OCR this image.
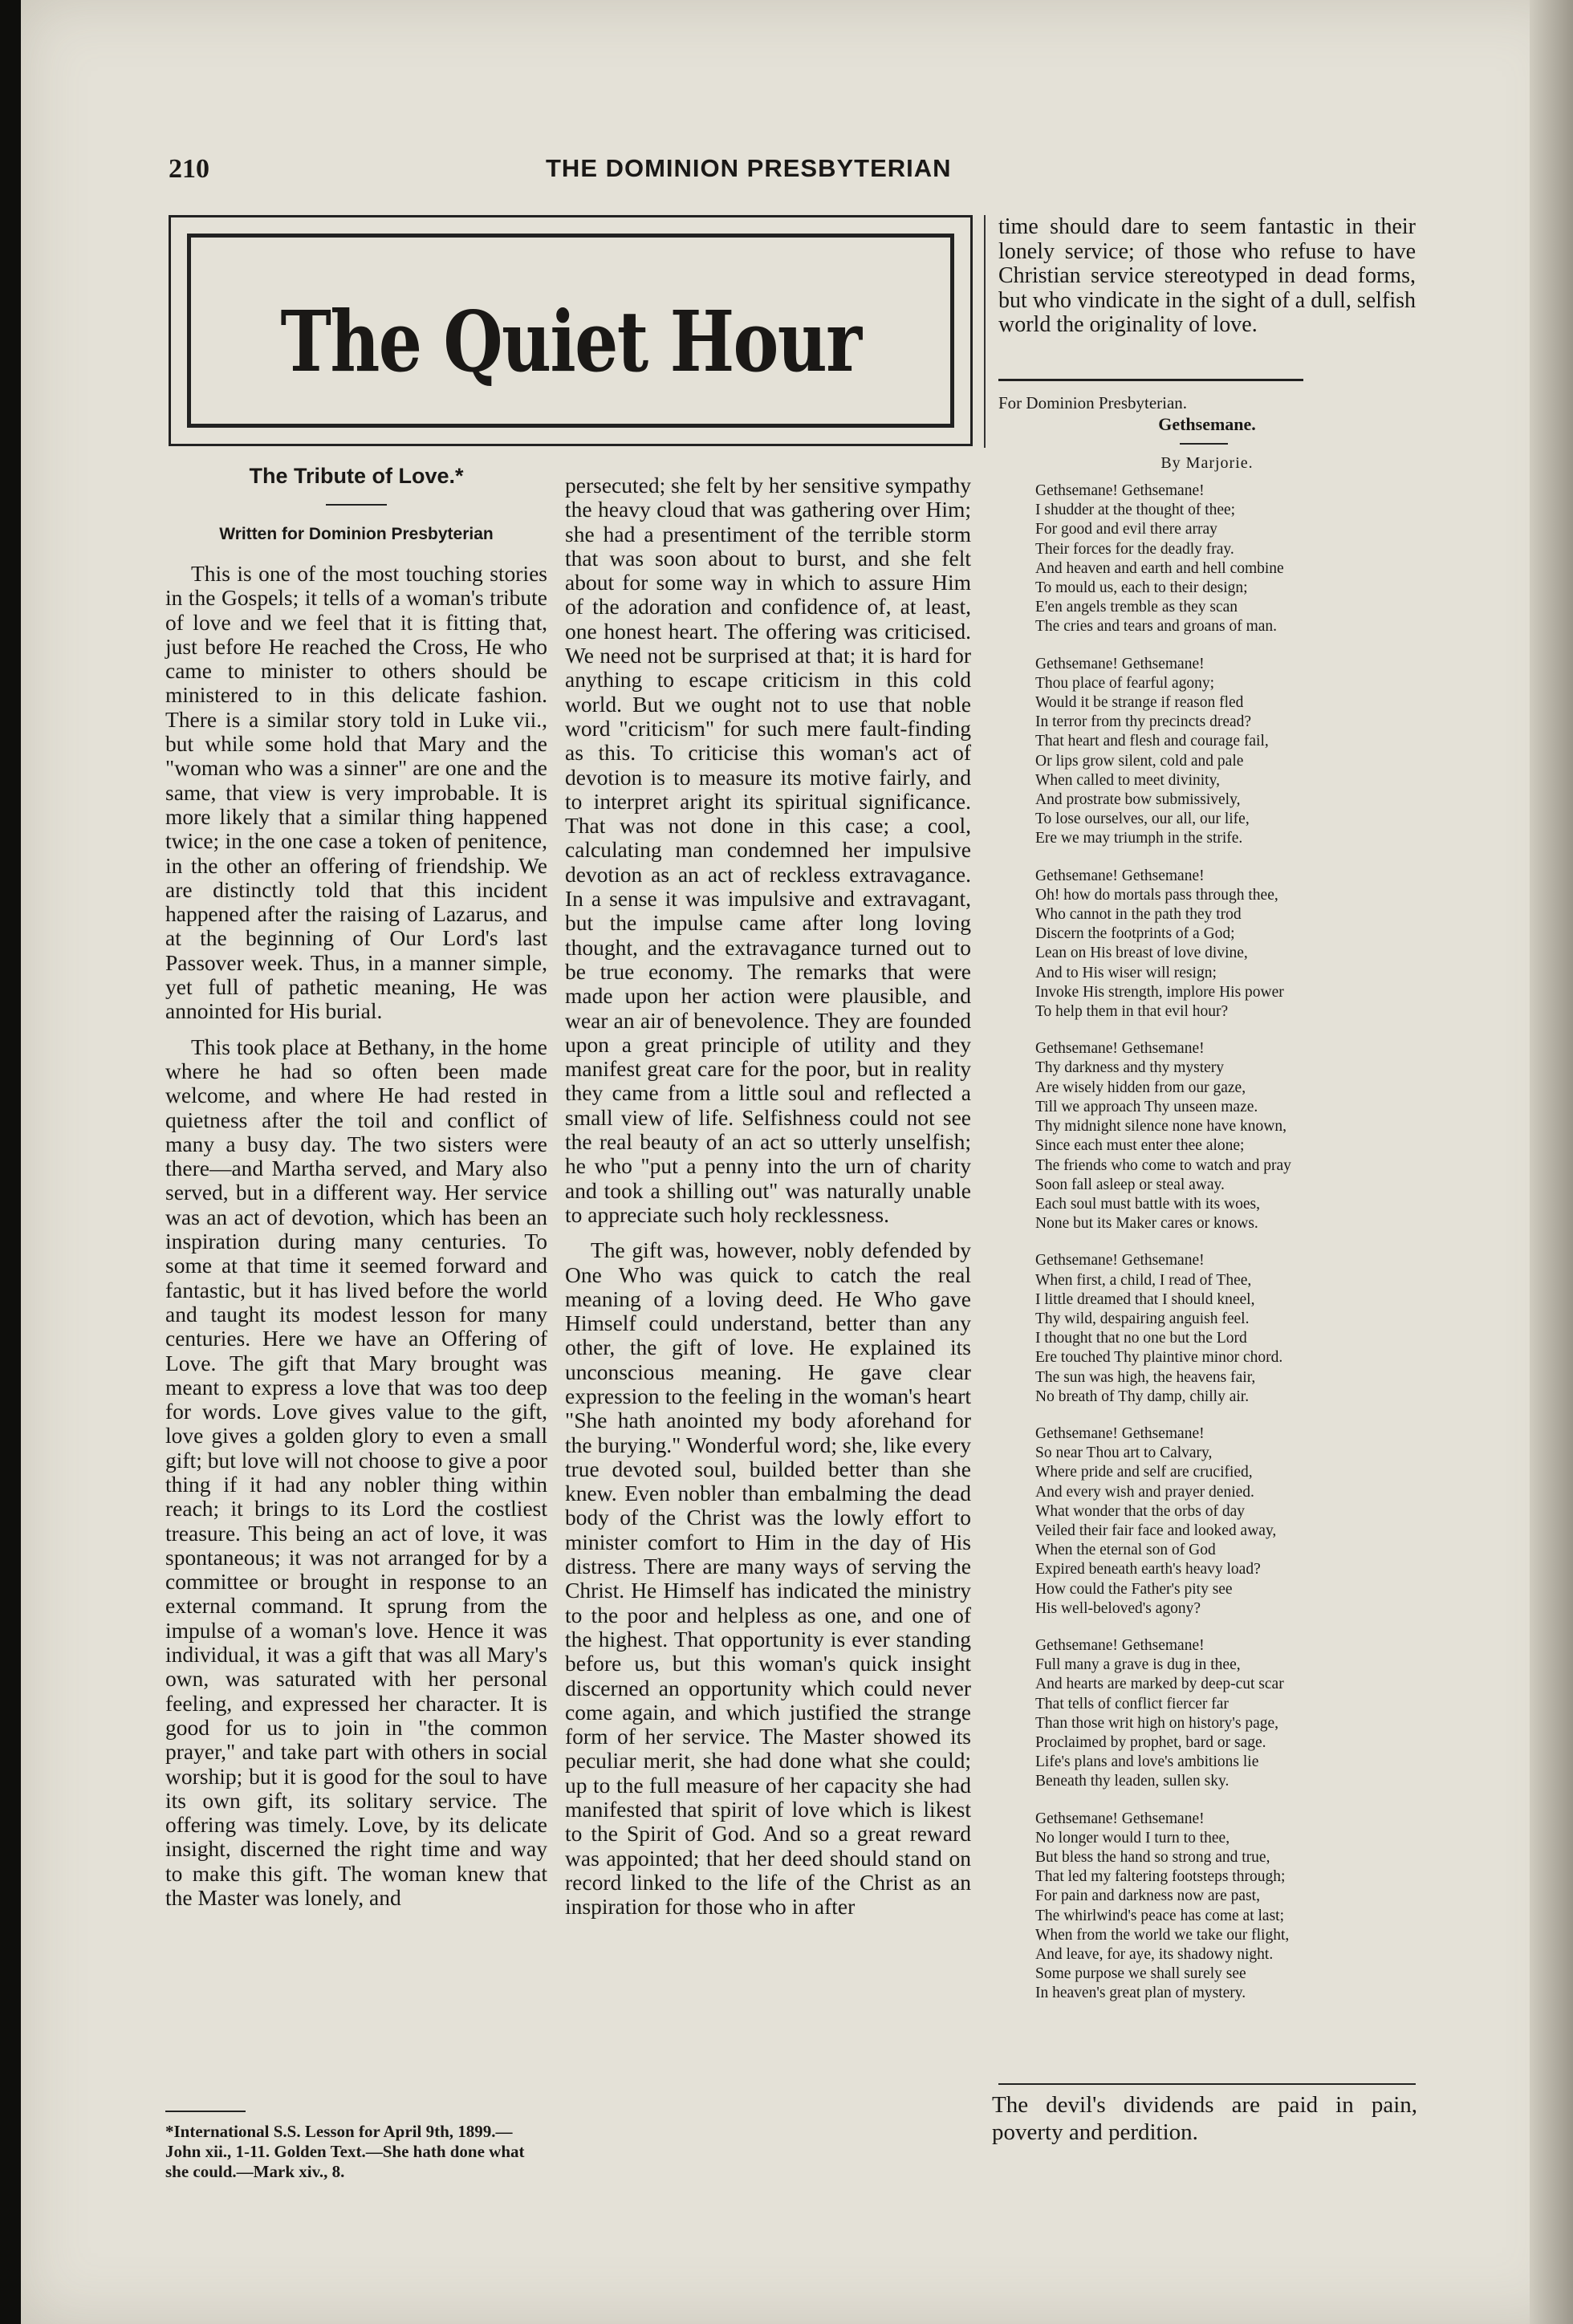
210	THE DOMINION PRESBYTERIAN
The Quiet Hour
The Tribute of Love.*
Written for Dominion Presbyterian

This is one of the most touching stories in the Gospels; it tells of a woman's tribute of love and we feel that it is fitting that, just before He reached the Cross, He who came to minister to others should be ministered to in this delicate fashion. There is a similar story told in Luke vii., but while some hold that Mary and the "woman who was a sinner" are one and the same, that view is very improbable. It is more likely that a similar thing happened twice; in the one case a token of penitence, in the other an offering of friendship. We are distinctly told that this incident happened after the raising of Lazarus, and at the beginning of Our Lord's last Passover week. Thus, in a manner simple, yet full of pathetic meaning, He was annointed for His burial.

This took place at Bethany, in the home where he had so often been made welcome, and where He had rested in quietness after the toil and conflict of many a busy day. The two sisters were there—and Martha served, and Mary also served, but in a different way. Her service was an act of devotion, which has been an inspiration during many centuries. To some at that time it seemed forward and fantastic, but it has lived before the world and taught its modest lesson for many centuries. Here we have an Offering of Love. The gift that Mary brought was meant to express a love that was too deep for words. Love gives value to the gift, love gives a golden glory to even a small gift; but love will not choose to give a poor thing if it had any nobler thing within reach; it brings to its Lord the costliest treasure. This being an act of love, it was spontaneous; it was not arranged for by a committee or brought in response to an external command. It sprung from the impulse of a woman's love. Hence it was individual, it was a gift that was all Mary's own, was saturated with her personal feeling, and expressed her character. It is good for us to join in "the common prayer," and take part with others in social worship; but it is good for the soul to have its own gift, its solitary service. The offering was timely. Love, by its delicate insight, discerned the right time and way to make this gift. The woman knew that the Master was lonely, and

*International S.S. Lesson for April 9th, 1899.—John xii., 1-11. Golden Text.—She hath done what she could.—Mark xiv., 8.

persecuted; she felt by her sensitive sympathy the heavy cloud that was gathering over Him; she had a presentiment of the terrible storm that was soon about to burst, and she felt about for some way in which to assure Him of the adoration and confidence of, at least, one honest heart. The offering was criticised. We need not be surprised at that; it is hard for anything to escape criticism in this cold world. But we ought not to use that noble word "criticism" for such mere fault-finding as this. To criticise this woman's act of devotion is to measure its motive fairly, and to interpret aright its spiritual significance. That was not done in this case; a cool, calculating man condemned her impulsive devotion as an act of reckless extravagance. In a sense it was impulsive and extravagant, but the impulse came after long loving thought, and the extravagance turned out to be true economy. The remarks that were made upon her action were plausible, and wear an air of benevolence. They are founded upon a great principle of utility and they manifest great care for the poor, but in reality they came from a little soul and reflected a small view of life. Selfishness could not see the real beauty of an act so utterly unselfish; he who "put a penny into the urn of charity and took a shilling out" was naturally unable to appreciate such holy recklessness.

The gift was, however, nobly defended by One Who was quick to catch the real meaning of a loving deed. He Who gave Himself could understand, better than any other, the gift of love. He explained its unconscious meaning. He gave clear expression to the feeling in the woman's heart "She hath anointed my body aforehand for the burying." Wonderful word; she, like every true devoted soul, builded better than she knew. Even nobler than embalming the dead body of the Christ was the lowly effort to minister comfort to Him in the day of His distress. There are many ways of serving the Christ. He Himself has indicated the ministry to the poor and helpless as one, and one of the highest. That opportunity is ever standing before us, but this woman's quick insight discerned an opportunity which could never come again, and which justified the strange form of her service. The Master showed its peculiar merit, she had done what she could; up to the full measure of her capacity she had manifested that spirit of love which is likest to the Spirit of God. And so a great reward was appointed; that her deed should stand on record linked to the life of the Christ as an inspiration for those who in after

time should dare to seem fantastic in their lonely service; of those who refuse to have Christian service stereotyped in dead forms, but who vindicate in the sight of a dull, selfish world the originality of love.
For Dominion Presbyterian.
Gethsemane.
By Marjorie.
Gethsemane! Gethsemane!
I shudder at the thought of thee;
For good and evil there array
Their forces for the deadly fray.
And heaven and earth and hell combine
To mould us, each to their design;
E'en angels tremble as they scan
The cries and tears and groans of man.
Gethsemane! Gethsemane!
Thou place of fearful agony;
Would it be strange if reason fled
In terror from thy precincts dread?
That heart and flesh and courage fail,
Or lips grow silent, cold and pale
When called to meet divinity,
And prostrate bow submissively,
To lose ourselves, our all, our life,
Ere we may triumph in the strife.
Gethsemane! Gethsemane!
Oh! how do mortals pass through thee,
Who cannot in the path they trod
Discern the footprints of a God;
Lean on His breast of love divine,
And to His wiser will resign;
Invoke His strength, implore His power
To help them in that evil hour?
Gethsemane! Gethsemane!
Thy darkness and thy mystery
Are wisely hidden from our gaze,
Till we approach Thy unseen maze.
Thy midnight silence none have known,
Since each must enter thee alone;
The friends who come to watch and pray
Soon fall asleep or steal away.
Each soul must battle with its woes,
None but its Maker cares or knows.
Gethsemane! Gethsemane!
When first, a child, I read of Thee,
I little dreamed that I should kneel,
Thy wild, despairing anguish feel.
I thought that no one but the Lord
Ere touched Thy plaintive minor chord.
The sun was high, the heavens fair,
No breath of Thy damp, chilly air.
Gethsemane! Gethsemane!
So near Thou art to Calvary,
Where pride and self are crucified,
And every wish and prayer denied.
What wonder that the orbs of day
Veiled their fair face and looked away,
When the eternal son of God
Expired beneath earth's heavy load?
How could the Father's pity see
His well-beloved's agony?
Gethsemane! Gethsemane!
Full many a grave is dug in thee,
And hearts are marked by deep-cut scar
That tells of conflict fiercer far
Than those writ high on history's page,
Proclaimed by prophet, bard or sage.
Life's plans and love's ambitions lie
Beneath thy leaden, sullen sky.
Gethsemane! Gethsemane!
No longer would I turn to thee,
But bless the hand so strong and true,
That led my faltering footsteps through;
For pain and darkness now are past,
The whirlwind's peace has come at last;
When from the world we take our flight,
And leave, for aye, its shadowy night.
Some purpose we shall surely see
In heaven's great plan of mystery.
The devil's dividends are paid in pain, poverty and perdition.
